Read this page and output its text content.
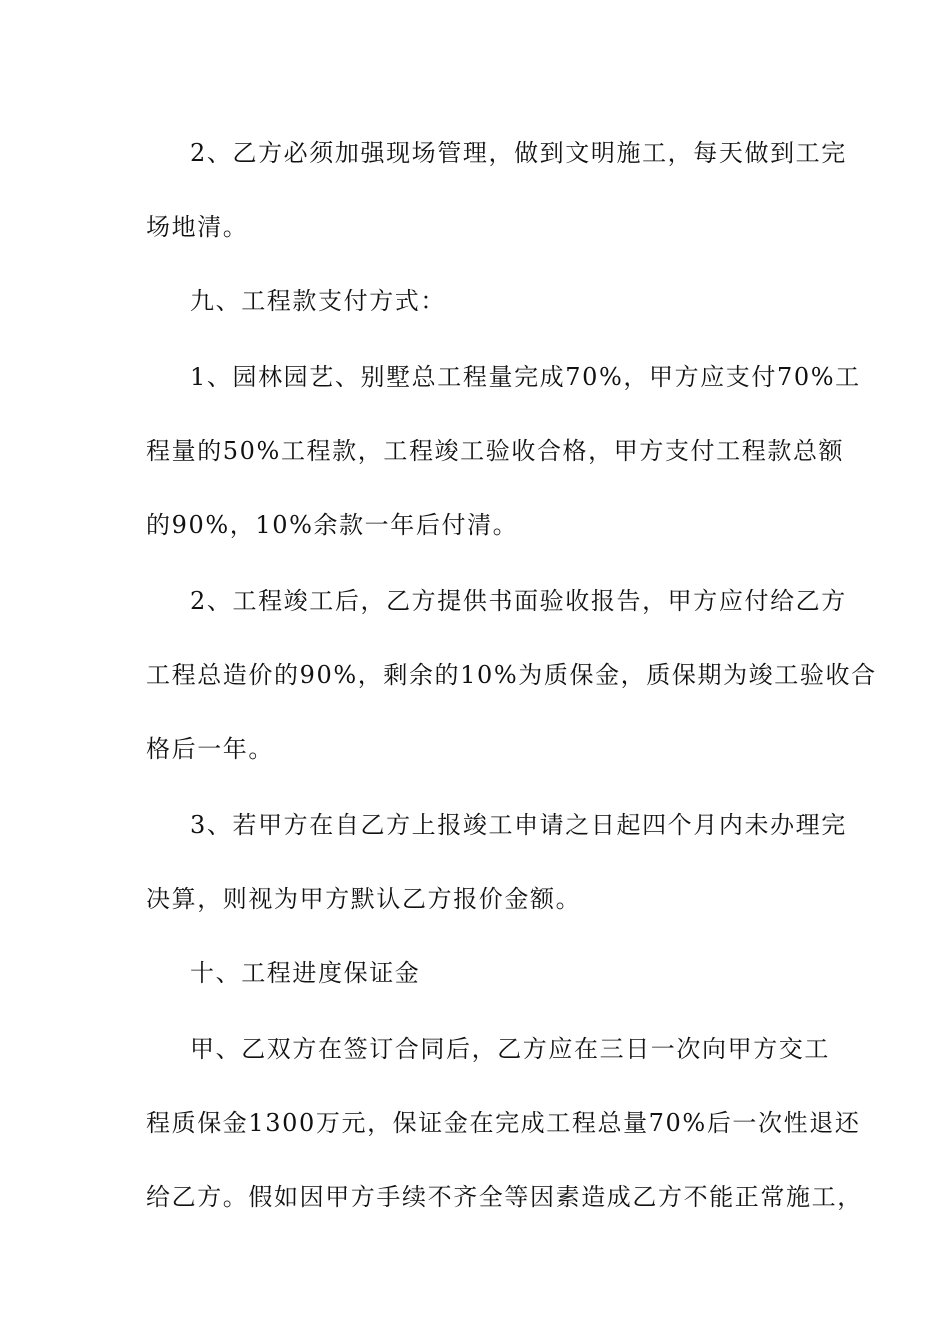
2、乙方必须加强现场管理，做到文明施工，每天做到工完
场地清。
九、工程款支付方式：
1、园林园艺、别墅总工程量完成70%，甲方应支付70%工
程量的50%工程款，工程竣工验收合格，甲方支付工程款总额
的90%，10%余款一年后付清。
2、工程竣工后，乙方提供书面验收报告，甲方应付给乙方
工程总造价的90%，剩余的10%为质保金，质保期为竣工验收合
格后一年。
3、若甲方在自乙方上报竣工申请之日起四个月内未办理完
决算，则视为甲方默认乙方报价金额。
十、工程进度保证金
甲、乙双方在签订合同后，乙方应在三日一次向甲方交工
程质保金1300万元，保证金在完成工程总量70%后一次性退还
给乙方。假如因甲方手续不齐全等因素造成乙方不能正常施工，
